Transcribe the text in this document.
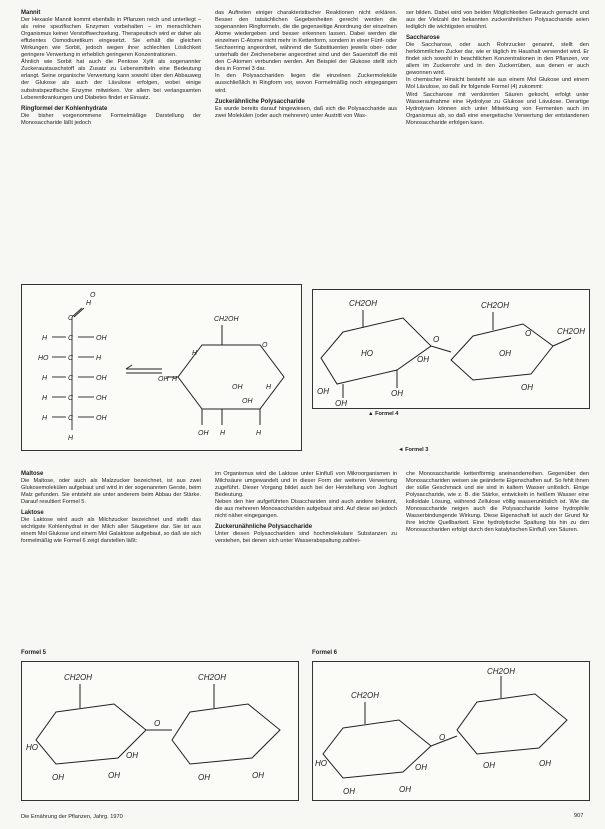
Mannit

Der Hexaole Mannit kommt ebenfalls in Pflanzen reich und unterliegt – als reine spezifischen Enzymen vorbehalten – im menschlichen Organismus keiner Verstoffwechselung. Therapeutisch wird er daher als effizientes Osmodiuretikum eingesetzt. Sie erhält die gleichen Wirkungen wie Sorbit, jedoch wegen ihrer schlechten Löslichkeit geringere Verwertung in erheblich geringeren Konzentrationen.

Ähnlich wie Sorbit hat auch die Pentose Xylit als sogenannter Zuckeraustauschstoff als Zusatz zu Lebensmitteln eine Bedeutung erlangt. Seine organische Verwertung kann sowohl über den Abbauweg der Glukose als auch der Lävulose erfolgen, wobei einige substratspezifische Enzyme mitwirken. Vor allem bei verlangsamten Leberentkrankungen und Diabetes findet er Einsatz.

Ringformel der Kohlenhydrate

Die bisher vorgenommene Formelmäßige Darstellung der Monosaccharide läßt jedoch

das Auftreten einiger charakteristischer Reaktionen nicht erklären. Besser den tatsächlichen Gegebenheiten gerecht werden die sogenannten Ringformeln, die die gegenseitige Anordnung der einzelnen Atome wiedergeben und besser erkennen lassen. Dabei werden die einzelnen C-Atome nicht mehr in Kettenform, sondern in einer Fünf- oder Sechserring angeordnet, während die Substituenten jeweils ober- oder unterhalb der Zeichenebene angeordnet sind und der Sauerstoff die mit den C-Atomen verbunden werden. Am Beispiel der Glukose stellt sich dies in Formel 3 dar.

In den Polysacchariden liegen die einzelnen Zuckermoleküle ausschließlich in Ringform vor, wovon Formelmäßig noch eingegangen wird.

Zuckerähnliche Polysaccharide

Es wurde bereits darauf hingewiesen, daß sich die Polysaccharide aus zwei Molekülen (oder auch mehreren) unter Austritt von Was-

ser bilden. Dabei wird von beiden Möglichkeiten Gebrauch gemacht und aus der Vielzahl der bekannten zuckerähnlichen Polysaccharide seien lediglich die wichtigsten erwähnt.

Saccharose

Die Saccharose, oder auch Rohrzucker genannt, stellt den herkömmlichen Zucker dar, wie er täglich im Haushalt verwendet wird. Er findet sich sowohl in beachtlichen Konzentrationen in den Pflanzen, vor allem im Zuckerrohr und in den Zuckerrüben, aus denen er auch gewonnen wird.

In chemischer Hinsicht besteht sie aus einem Mol Glukose und einem Mol Lävulose, so daß ihr folgende Formel (4) zukommt:

Wird Saccharose mit verdünnten Säuren gekocht, erfolgt unter Wasseraufnahme eine Hydrolyse zu Glukose und Lävulose. Derartige Hydrolysen können sich unter Mitwirkung von Fermenten auch im Organismus ab, so daß eine energetische Verwertung der entstandenen Monosaccharide erfolgen kann.

H
O
C
H	C	OH
HO	C	H
H	C	OH
H	C	OH
H	C	OH
H
CH2OH
O
H
H
H
OH
OH H
OH
H
OH
CH2OH	CH2OH
CH2OH
OH
HO
OH
OH
OH
OH
O
O
OH
▲ Formel 4
◄ Formel 3
Maltose

Die Maltose, oder auch als Malzzucker bezeichnet, ist aus zwei Glukosemolekülen aufgebaut und wird in der sogenannten Gerste, beim Malz gefunden. Sie entsteht sie unter anderem beim Abbau der Stärke. Darauf resultiert Formel 5.

Laktose

Die Laktose wird auch als Milchzucker bezeichnet und stellt das wichtigste Kohlenhydrat in der Milch aller Säugetiere dar. Sie ist aus einem Mol Glukose und einem Mol Galaktose aufgebaut, so daß sie sich formelmäßig wie Formel 6 zeigt darstellen läßt:

im Organismus wird die Laktose unter Einfluß von Mikroorganismen in Milchsäure umgewandelt und in dieser Form der weiteren Verwertung zugeführt. Dieser Vorgang bildet auch bei der Herstellung von Joghurt Bedeutung.

Neben den hier aufgeführten Disacchariden sind auch andere bekannt, die aus mehreren Monosacchariden aufgebaut sind. Auf diese sei jedoch nicht näher eingegangen.

Zuckerunähnliche Polysaccharide

Unter diesen Polysacchariden sind hochmolekulare Substanzen zu verstehen, bei denen sich unter Wasserabspaltung zahlrei-

che Monosaccharide kettenförmig aneinanderreihen. Gegenüber den Monosacchariden weisen sie geänderte Eigenschaften auf. So fehlt ihnen der süße Geschmack und sie sind in kaltem Wasser unlöslich. Einige Polysaccharide, wie z. B. die Stärke, entwickeln in heißem Wasser eine kolloidale Lösung, während Zellulose völlig wasserunlöslich ist. Wie die Monosaccharide neigen auch die Polysaccharide keine hydrophile Wasserbindungende Wirkung. Diese Eigenschaft ist auch der Grund für ihre leichte Quellbarkeit. Eine hydrolytische Spaltung bis hin zu den Monosacchariden erfolgt durch den katalytischen Einfluß von Säuren.

Formel 5	Formel 6
CH2OH	CH2OH
HO
OH	OH
OH
OH	OH
O
CH2OH
CH2OH
HO
OH	OH
OH	OH	OH
O
Die Ernährung der Pflanzen, Jahrg. 1970	907
